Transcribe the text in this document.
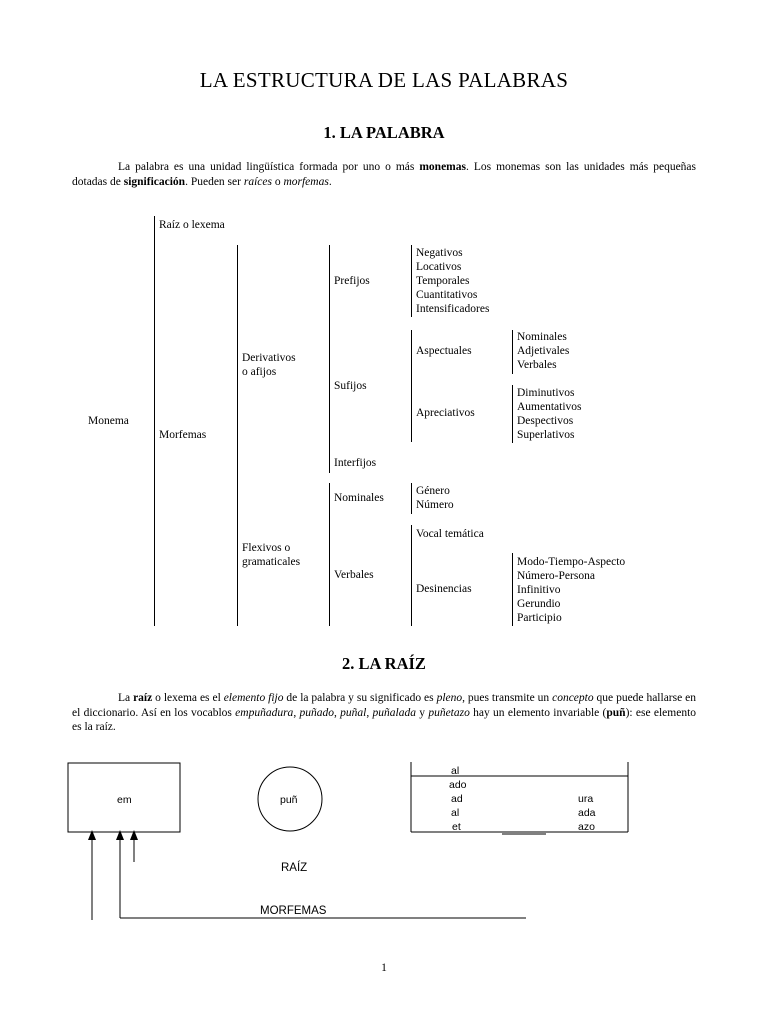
LA ESTRUCTURA DE LAS PALABRAS
1. LA PALABRA
La palabra es una unidad lingüística formada por uno o más monemas. Los monemas son las unidades más pequeñas dotadas de significación. Pueden ser raíces o morfemas.
Monema
Raíz o lexema
Morfemas
Derivativos
o afijos
Flexivos o
gramaticales
Prefijos
Sufijos
Interfijos
Nominales
Verbales
Negativos
Locativos
Temporales
Cuantitativos
Intensificadores
Aspectuales
Apreciativos
Género
Número
Vocal temática
Desinencias
Nominales
Adjetivales
Verbales
Diminutivos
Aumentativos
Despectivos
Superlativos
Modo-Tiempo-Aspecto
Número-Persona
Infinitivo
Gerundio
Participio
2. LA RAÍZ
La raíz o lexema es el elemento fijo de la palabra y su significado es pleno, pues transmite un concepto que puede hallarse en el diccionario. Así en los vocablos empuñadura, puñado, puñal, puñalada y puñetazo hay un elemento invariable (puñ): ese elemento es la raíz.
em	puñ
al
ado
ad
al
et
ura
ada
azo
RAÍZ
MORFEMAS
1
